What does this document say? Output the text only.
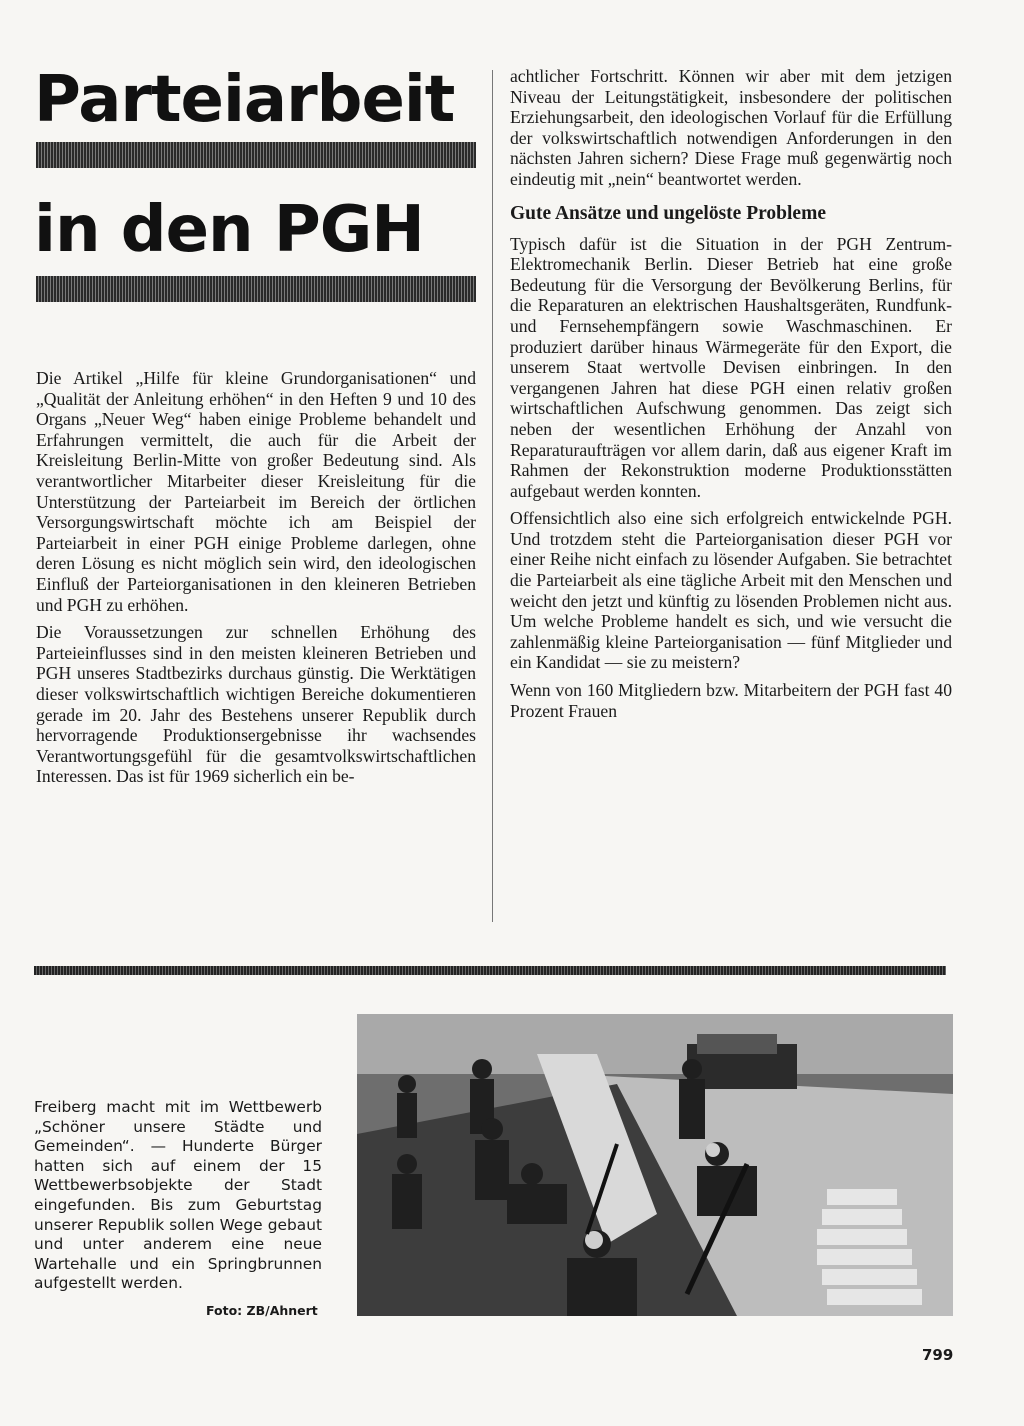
Parteiarbeit
in den PGH

Die Artikel „Hilfe für kleine Grundorganisationen“ und „Qualität der Anleitung erhöhen“ in den Heften 9 und 10 des Organs „Neuer Weg“ haben einige Probleme behandelt und Erfahrungen vermittelt, die auch für die Arbeit der Kreisleitung Berlin-Mitte von großer Bedeutung sind. Als verantwortlicher Mitarbeiter dieser Kreisleitung für die Unterstützung der Parteiarbeit im Bereich der örtlichen Versorgungswirtschaft möchte ich am Beispiel der Parteiarbeit in einer PGH einige Probleme darlegen, ohne deren Lösung es nicht möglich sein wird, den ideologischen Einfluß der Parteiorganisationen in den kleineren Betrieben und PGH zu erhöhen.

Die Voraussetzungen zur schnellen Erhöhung des Parteieinflusses sind in den meisten kleineren Betrieben und PGH unseres Stadtbezirks durchaus günstig. Die Werktätigen dieser volkswirtschaftlich wichtigen Bereiche dokumentieren gerade im 20. Jahr des Bestehens unserer Republik durch hervorragende Produktionsergebnisse ihr wachsendes Verantwortungsgefühl für die gesamtvolkswirtschaftlichen Interessen. Das ist für 1969 sicherlich ein be-

achtlicher Fortschritt. Können wir aber mit dem jetzigen Niveau der Leitungstätigkeit, insbesondere der politischen Erziehungsarbeit, den ideologischen Vorlauf für die Erfüllung der volkswirtschaftlich notwendigen Anforderungen in den nächsten Jahren sichern? Diese Frage muß gegenwärtig noch eindeutig mit „nein“ beantwortet werden.

Gute Ansätze und ungelöste Probleme

Typisch dafür ist die Situation in der PGH Zentrum-Elektromechanik Berlin. Dieser Betrieb hat eine große Bedeutung für die Versorgung der Bevölkerung Berlins, für die Reparaturen an elektrischen Haushaltsgeräten, Rundfunk- und Fernsehempfängern sowie Waschmaschinen. Er produziert darüber hinaus Wärmegeräte für den Export, die unserem Staat wertvolle Devisen einbringen. In den vergangenen Jahren hat diese PGH einen relativ großen wirtschaftlichen Aufschwung genommen. Das zeigt sich neben der wesentlichen Erhöhung der Anzahl von Reparaturaufträgen vor allem darin, daß aus eigener Kraft im Rahmen der Rekonstruktion moderne Produktionsstätten aufgebaut werden konnten.

Offensichtlich also eine sich erfolgreich entwickelnde PGH. Und trotzdem steht die Parteiorganisation dieser PGH vor einer Reihe nicht einfach zu lösender Aufgaben. Sie betrachtet die Parteiarbeit als eine tägliche Arbeit mit den Menschen und weicht den jetzt und künftig zu lösenden Problemen nicht aus. Um welche Probleme handelt es sich, und wie versucht die zahlenmäßig kleine Parteiorganisation — fünf Mitglieder und ein Kandidat — sie zu meistern?

Wenn von 160 Mitgliedern bzw. Mitarbeitern der PGH fast 40 Prozent Frauen

Freiberg macht mit im Wettbewerb „Schöner unsere Städte und Gemeinden“. — Hunderte Bürger hatten sich auf einem der 15 Wettbewerbsobjekte der Stadt eingefunden. Bis zum Geburtstag unserer Republik sollen Wege gebaut und unter anderem eine neue Wartehalle und ein Springbrunnen aufgestellt werden.

Foto: ZB/Ahnert

799
